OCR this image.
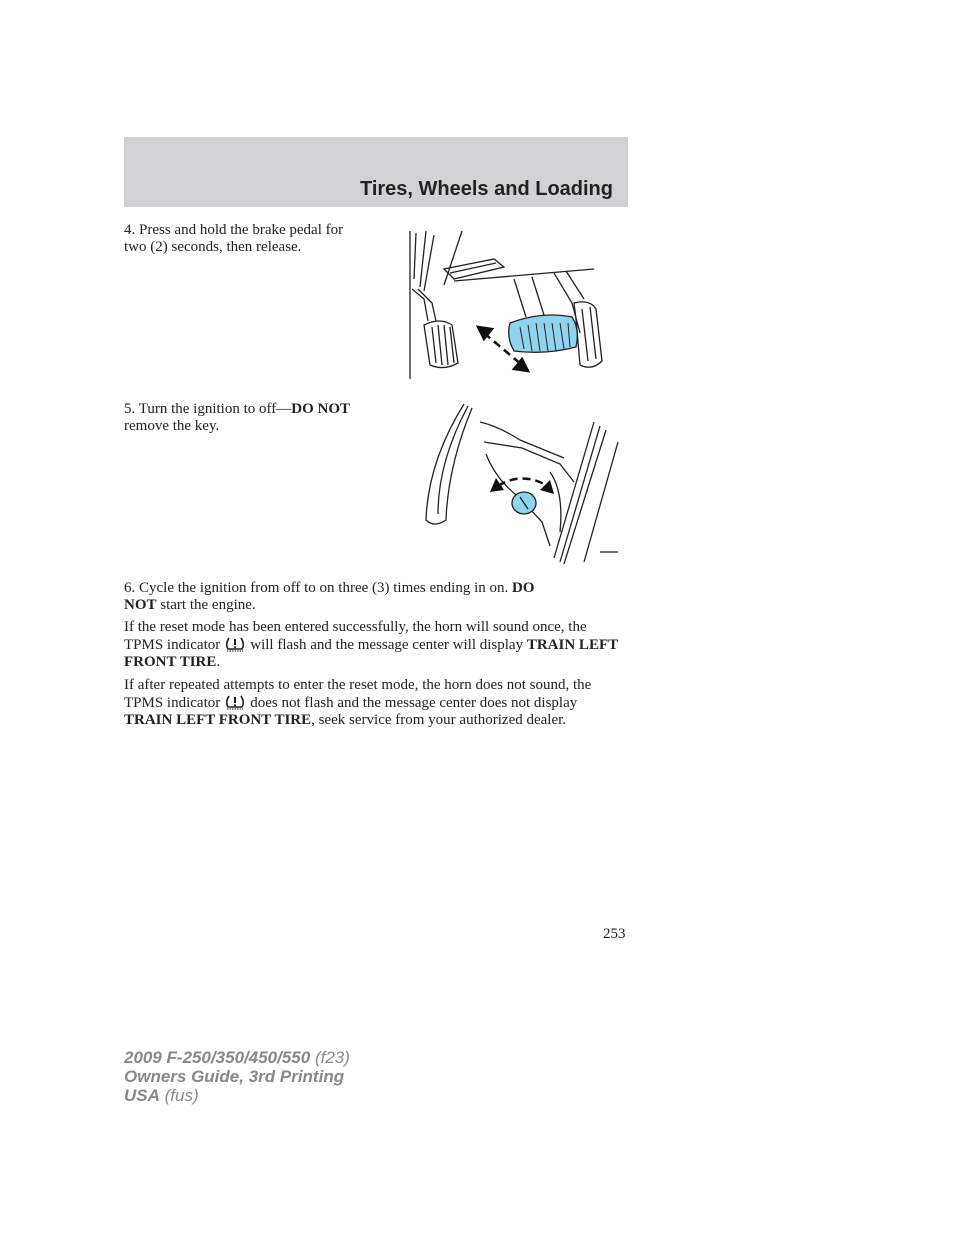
Tires, Wheels and Loading
4. Press and hold the brake pedal for two (2) seconds, then release.
5. Turn the ignition to off—DO NOT remove the key.
6. Cycle the ignition from off to on three (3) times ending in on. DO
NOT start the engine.
If the reset mode has been entered successfully, the horn will sound once, the TPMS indicator will flash and the message center will display TRAIN LEFT FRONT TIRE.
If after repeated attempts to enter the reset mode, the horn does not sound, the TPMS indicator does not flash and the message center does not display TRAIN LEFT FRONT TIRE, seek service from your authorized dealer.
253
2009 F-250/350/450/550 (f23)
Owners Guide, 3rd Printing
USA (fus)
